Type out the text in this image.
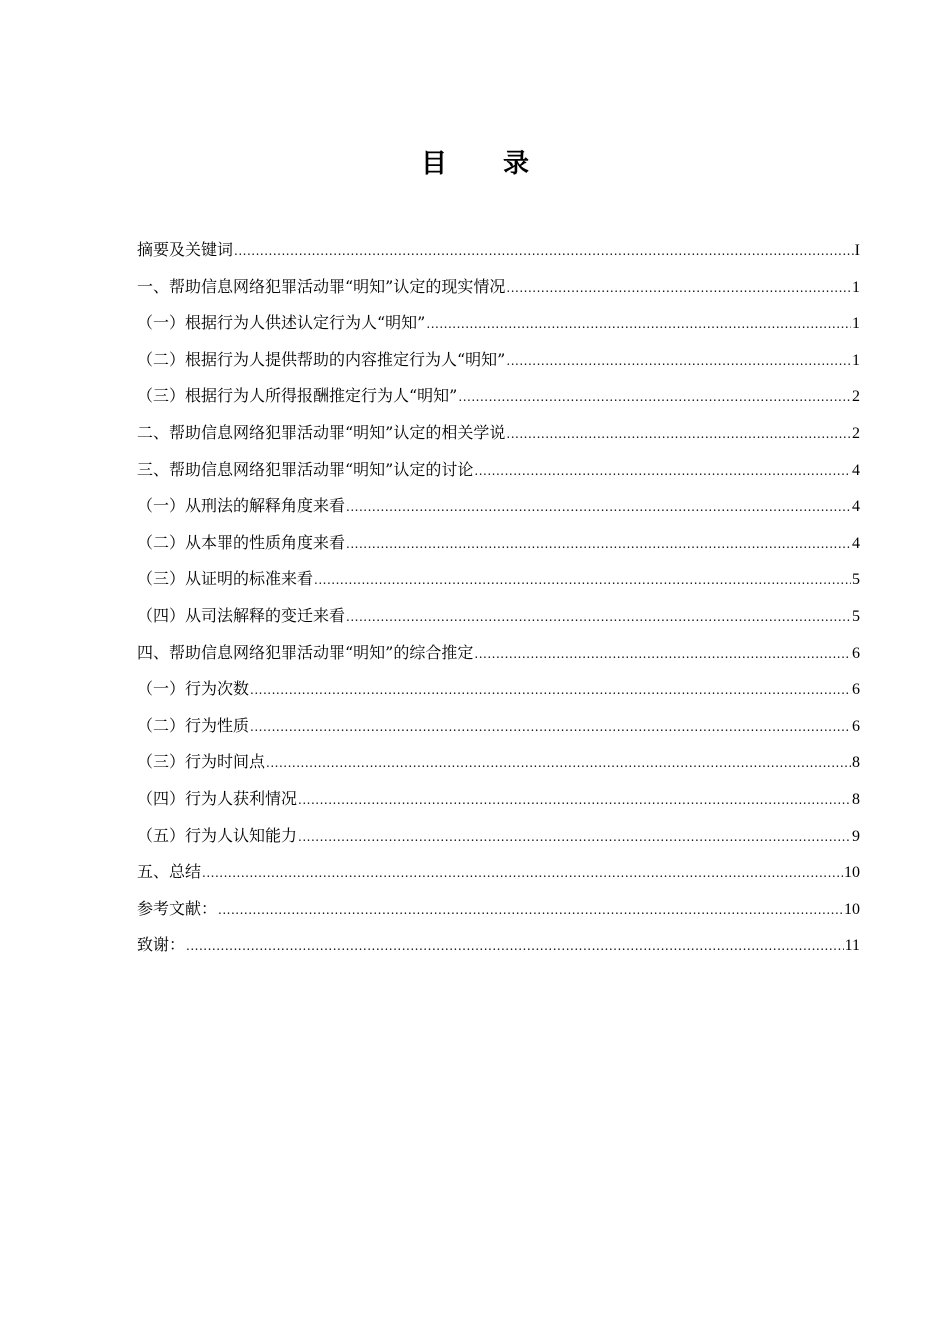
目录
摘要及关键词 .....	I
一、帮助信息网络犯罪活动罪“明知”认定的现实情况 .....	1
（一）根据行为人供述认定行为人“明知” .....	1
（二）根据行为人提供帮助的内容推定行为人“明知” .....	1
（三）根据行为人所得报酬推定行为人“明知” .....	2
二、帮助信息网络犯罪活动罪“明知”认定的相关学说 .....	2
三、帮助信息网络犯罪活动罪“明知”认定的讨论 .....	4
（一）从刑法的解释角度来看 .....	4
（二）从本罪的性质角度来看 .....	4
（三）从证明的标准来看 .....	5
（四）从司法解释的变迁来看 .....	5
四、帮助信息网络犯罪活动罪“明知”的综合推定 .....	6
（一）行为次数 .....	6
（二）行为性质 .....	6
（三）行为时间点 .....	8
（四）行为人获利情况 .....	8
（五）行为人认知能力 .....	9
五、总结 .....	10
参考文献： .....	10
致谢： .....	11
